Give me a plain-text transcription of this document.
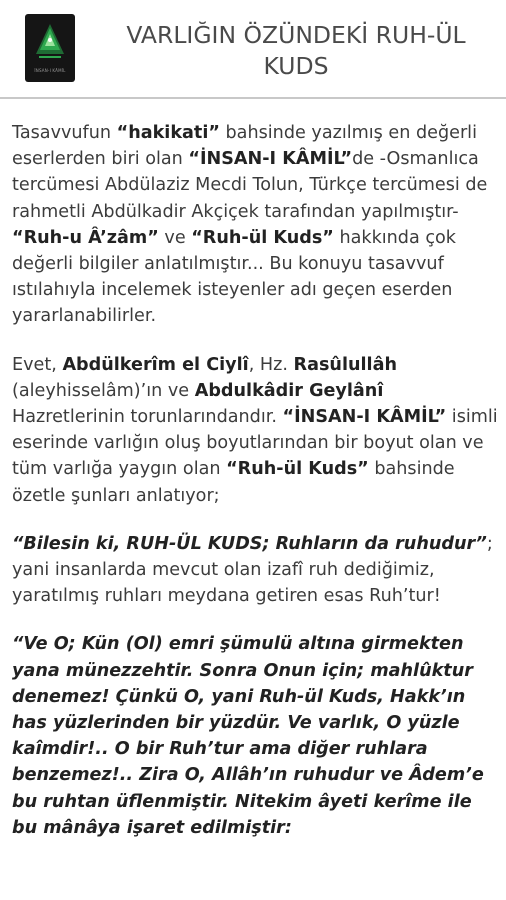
İNSAN-I KÂMİL
VARLIĞIN ÖZÜNDEKİ RUH-ÜL KUDS

Tasavvufun “hakikati” bahsinde yazılmış en değerli eserlerden biri olan “İNSAN-I KÂMİL”de -Osmanlıca tercümesi Abdülaziz Mecdi Tolun, Türkçe tercümesi de rahmetli Abdülkadir Akçiçek tarafından yapılmıştır- “Ruh-u Â’zâm” ve “Ruh-ül Kuds” hakkında çok değerli bilgiler anlatılmıştır... Bu konuyu tasavvuf ıstılahıyla incelemek isteyenler adı geçen eserden yararlanabilirler.

Evet, Abdülkerîm el Ciylî, Hz. Rasûlullâh (aleyhisselâm)’ın ve Abdulkâdir Geylânî Hazretlerinin torunlarındandır. “İNSAN-I KÂMİL” isimli eserinde varlığın oluş boyutlarından bir boyut olan ve tüm varlığa yaygın olan “Ruh-ül Kuds” bahsinde özetle şunları anlatıyor;

“Bilesin ki, RUH-ÜL KUDS; Ruhların da ruhudur”; yani insanlarda mevcut olan izafî ruh dediğimiz, yaratılmış ruhları meydana getiren esas Ruh’tur!

“Ve O; Kün (Ol) emri şümulü altına girmekten yana münezzehtir. Sonra Onun için; mahlûktur denemez! Çünkü O, yani Ruh-ül Kuds, Hakk’ın has yüzlerinden bir yüzdür. Ve varlık, O yüzle kaîmdir!.. O bir Ruh’tur ama diğer ruhlara benzemez!.. Zira O, Allâh’ın ruhudur ve Âdem’e bu ruhtan üflenmiştir. Nitekim âyeti kerîme ile bu mânâya işaret edilmiştir:
